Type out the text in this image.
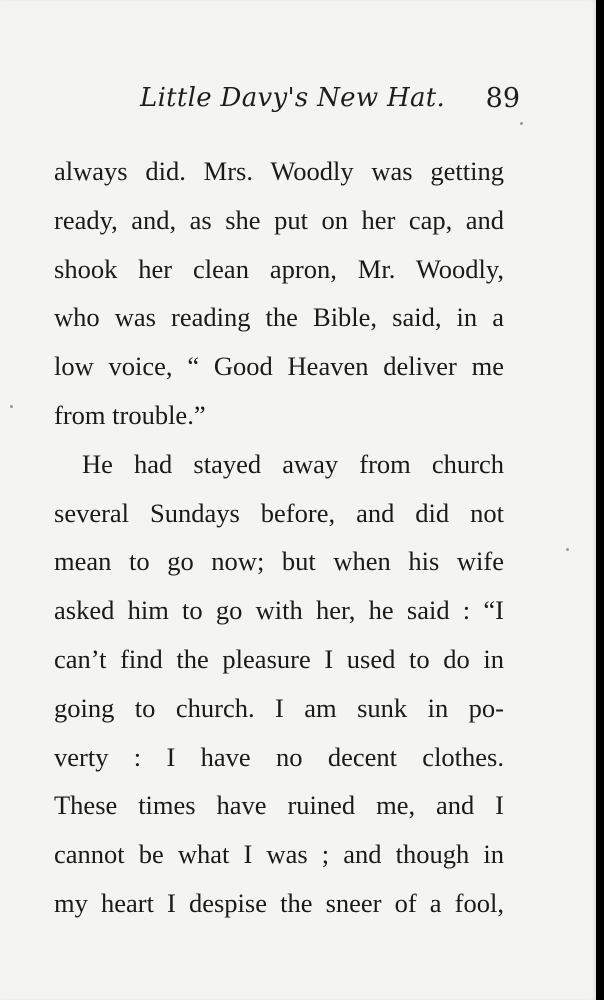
Little Davy's New Hat. 89
always did. Mrs. Woodly was getting
ready, and, as she put on her cap, and
shook her clean apron, Mr. Woodly,
who was reading the Bible, said, in a
low voice, “ Good Heaven deliver me
from trouble.”
He had stayed away from church
several Sundays before, and did not
mean to go now; but when his wife
asked him to go with her, he said : “I
can’t find the pleasure I used to do in
going to church. I am sunk in po-
verty : I have no decent clothes.
These times have ruined me, and I
cannot be what I was ; and though in
my heart I despise the sneer of a fool,
